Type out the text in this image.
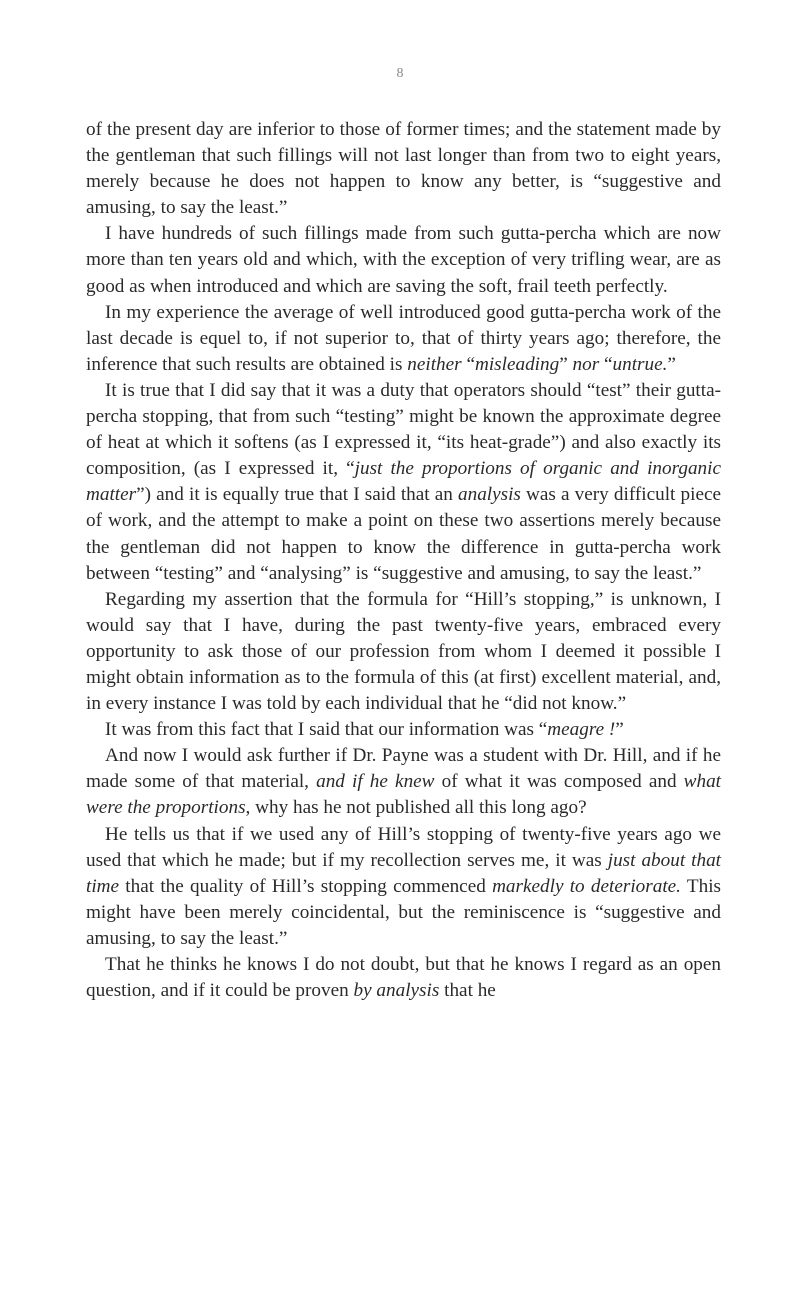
8

of the present day are inferior to those of former times; and the statement made by the gentleman that such fillings will not last longer than from two to eight years, merely because he does not happen to know any better, is “suggestive and amusing, to say the least.”

I have hundreds of such fillings made from such gutta-percha which are now more than ten years old and which, with the exception of very trifling wear, are as good as when introduced and which are saving the soft, frail teeth perfectly.

In my experience the average of well introduced good gutta-percha work of the last decade is equel to, if not superior to, that of thirty years ago; therefore, the inference that such results are obtained is neither “misleading” nor “untrue.”

It is true that I did say that it was a duty that operators should “test” their gutta-percha stopping, that from such “testing” might be known the approximate degree of heat at which it softens (as I expressed it, “its heat-grade”) and also exactly its composition, (as I expressed it, “just the proportions of organic and inorganic matter”) and it is equally true that I said that an analysis was a very difficult piece of work, and the attempt to make a point on these two assertions merely because the gentleman did not happen to know the difference in gutta-percha work between “testing” and “analysing” is “suggestive and amusing, to say the least.”

Regarding my assertion that the formula for “Hill’s stopping,” is unknown, I would say that I have, during the past twenty-five years, embraced every opportunity to ask those of our profession from whom I deemed it possible I might obtain information as to the formula of this (at first) excellent material, and, in every instance I was told by each individual that he “did not know.”

It was from this fact that I said that our information was “meagre !”

And now I would ask further if Dr. Payne was a student with Dr. Hill, and if he made some of that material, and if he knew of what it was composed and what were the proportions, why has he not published all this long ago?

He tells us that if we used any of Hill’s stopping of twenty-five years ago we used that which he made; but if my recollection serves me, it was just about that time that the quality of Hill’s stopping commenced markedly to deteriorate. This might have been merely coincidental, but the reminiscence is “suggestive and amusing, to say the least.”

That he thinks he knows I do not doubt, but that he knows I regard as an open question, and if it could be proven by analysis that he
